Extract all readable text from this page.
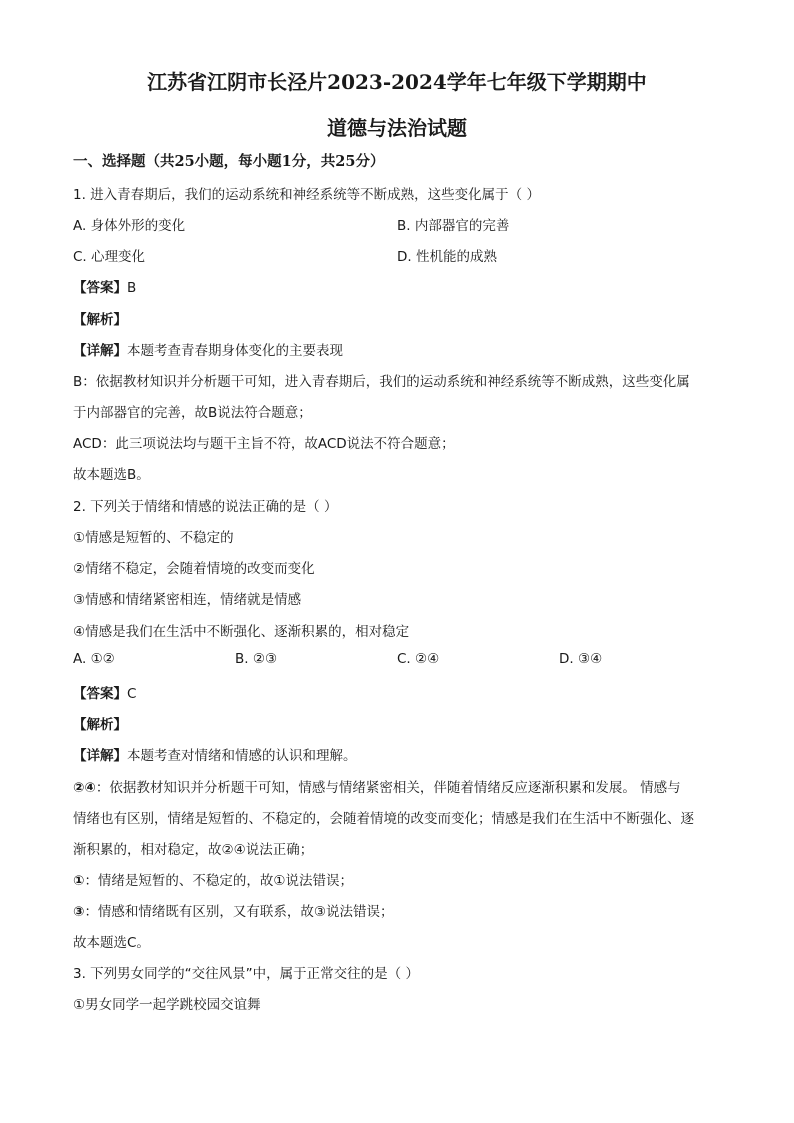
江苏省江阴市长泾片2023-2024学年七年级下学期期中
道德与法治试题
一、选择题（共25小题，每小题1分，共25分）
1. 进入青春期后，我们的运动系统和神经系统等不断成熟，这些变化属于（ ）
A. 身体外形的变化	B. 内部器官的完善
C. 心理变化	D. 性机能的成熟
【答案】B
【解析】
【详解】本题考查青春期身体变化的主要表现
B：依据教材知识并分析题干可知，进入青春期后，我们的运动系统和神经系统等不断成熟，这些变化属
于内部器官的完善，故B说法符合题意；
ACD：此三项说法均与题干主旨不符，故ACD说法不符合题意；
故本题选B。
2. 下列关于情绪和情感的说法正确的是（ ）
①情感是短暂的、不稳定的
②情绪不稳定，会随着情境的改变而变化
③情感和情绪紧密相连，情绪就是情感
④情感是我们在生活中不断强化、逐渐积累的，相对稳定
A. ①②	B. ②③	C. ②④	D. ③④
【答案】C
【解析】
【详解】本题考查对情绪和情感的认识和理解。
②④：依据教材知识并分析题干可知，情感与情绪紧密相关，伴随着情绪反应逐渐积累和发展。 情感与
情绪也有区别，情绪是短暂的、不稳定的，会随着情境的改变而变化；情感是我们在生活中不断强化、逐
渐积累的，相对稳定，故②④说法正确；
①：情绪是短暂的、不稳定的，故①说法错误；
③：情感和情绪既有区别，又有联系，故③说法错误；
故本题选C。
3. 下列男女同学的“交往风景”中，属于正常交往的是（ ）
①男女同学一起学跳校园交谊舞
